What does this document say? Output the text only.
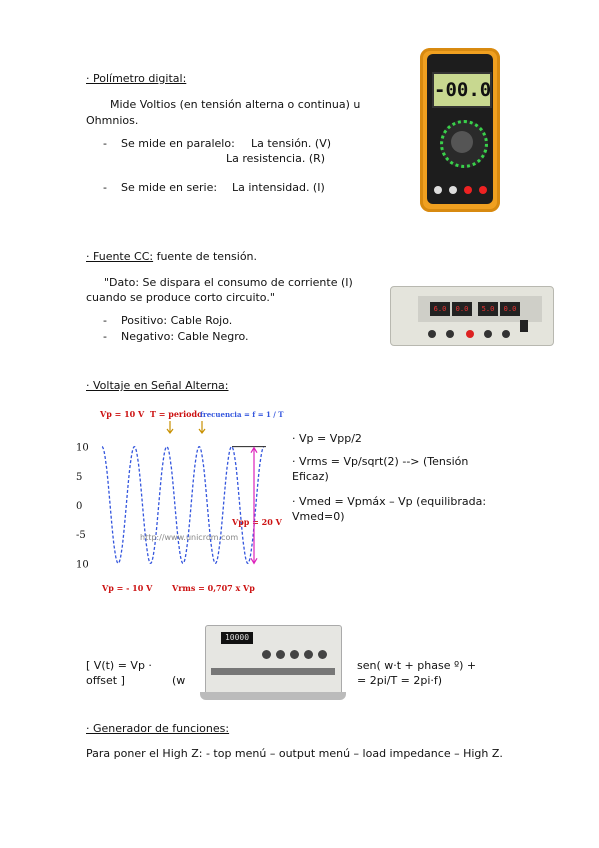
· Polímetro digital:
Mide Voltios (en tensión alterna o continua) u Ohmnios.
- Se mide en paralelo: La tensión. (V)
La resistencia. (R)
- Se mide en serie: La intensidad. (I)
-00.0
· Fuente CC: fuente de tensión.
"Dato: Se dispara el consumo de corriente (I)
cuando se produce corto circuito."
- Positivo: Cable Rojo.
- Negativo: Cable Negro.
6.0	0.0	5.0	0.0
· Voltaje en Señal Alterna:
10
5
0
-5
10
Vp = 10 V T = periodo
frecuencia = f = 1 / T
Vpp = 20 V
Vp = - 10 V Vrms = 0,707 x Vp
http://www.unicrom.com
· Vp = Vpp/2
· Vrms = Vp/sqrt(2) --> (Tensión Eficaz)
· Vmed = Vpmáx – Vp (equilibrada: Vmed=0)
[ V(t) = Vp ·
offset ]	(w
sen( w·t + phase º) +
= 2pi/T = 2pi·f)
10000
· Generador de funciones:
Para poner el High Z: - top menú – output menú – load impedance – High Z.
